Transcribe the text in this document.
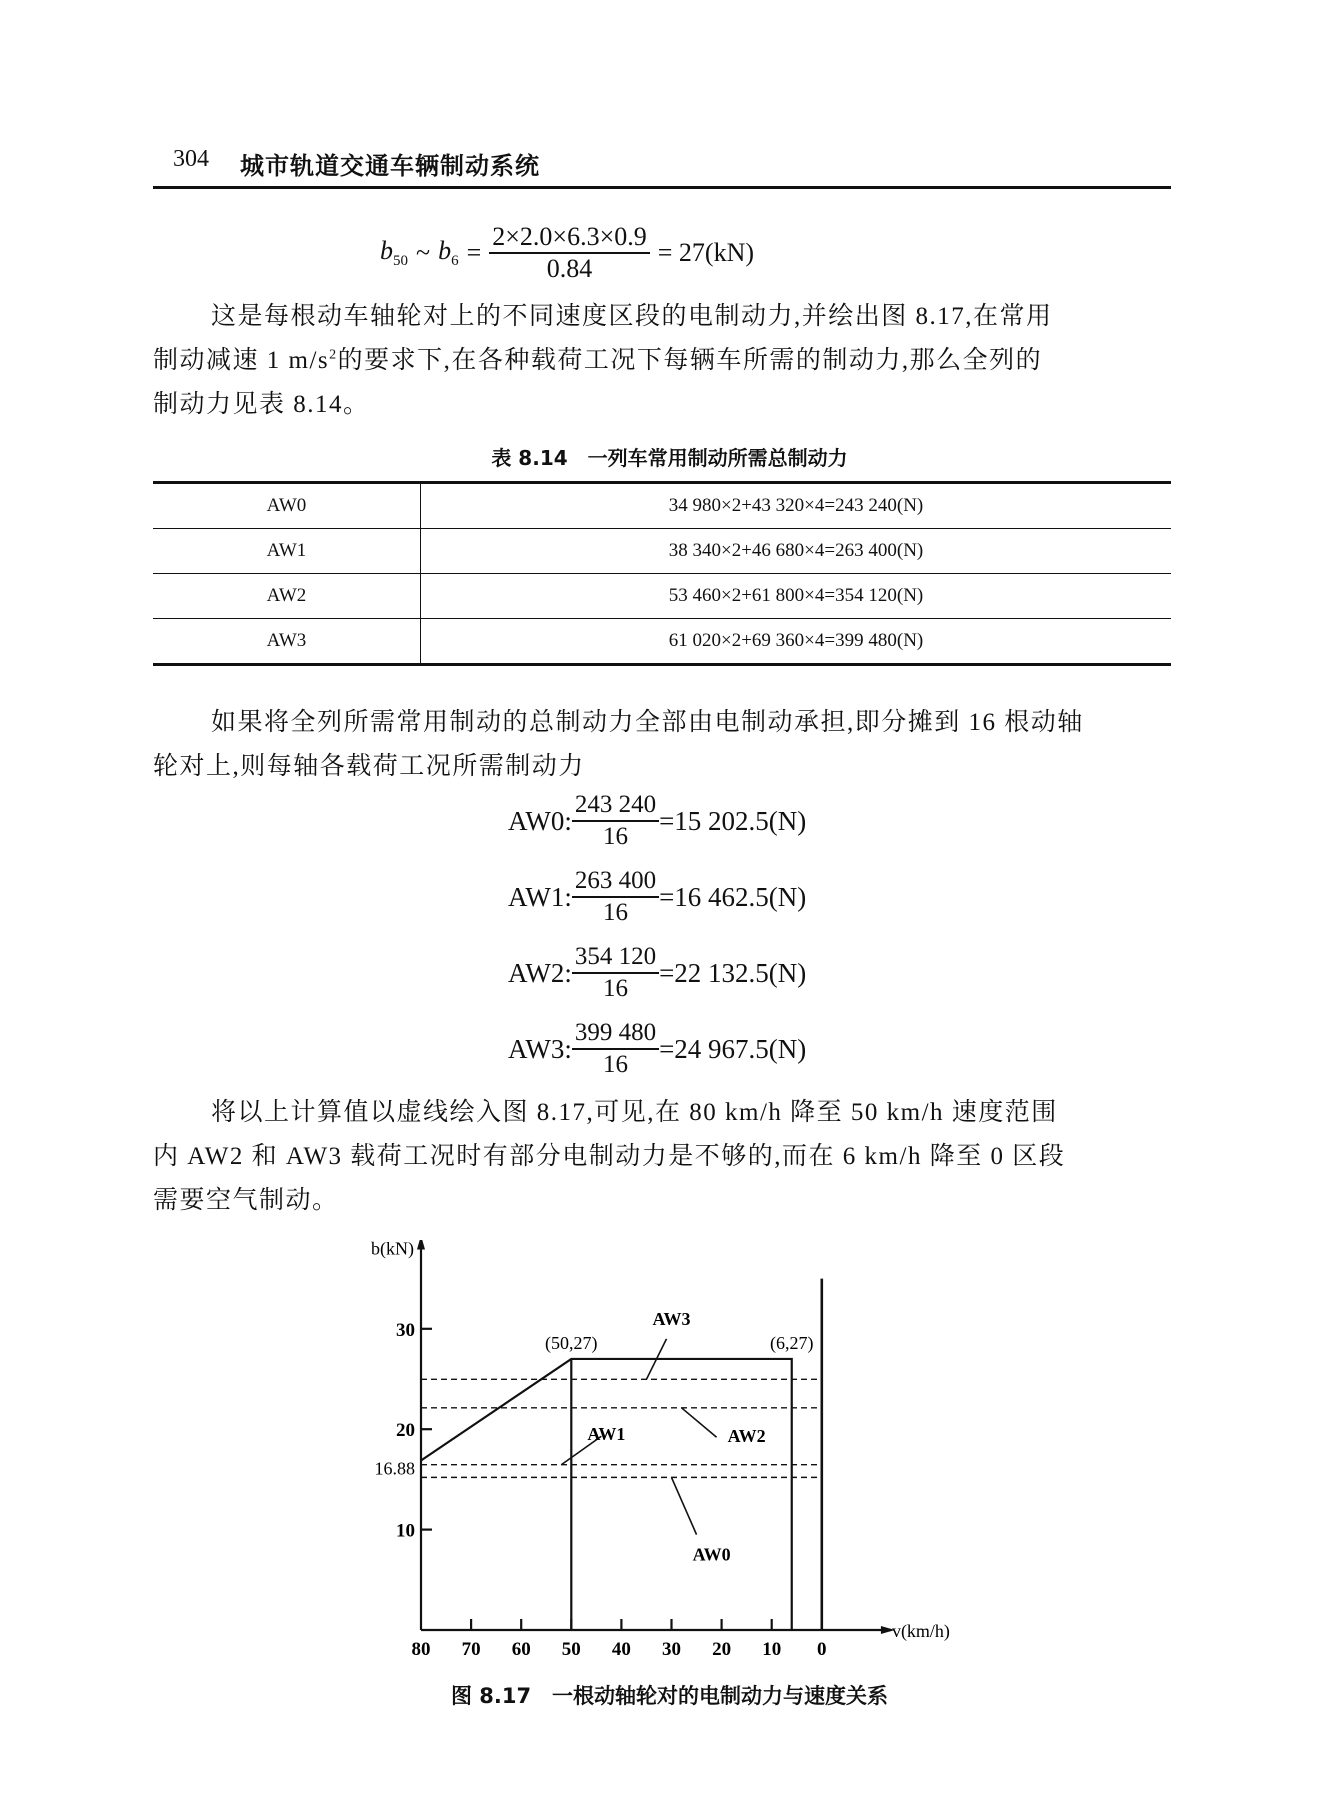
304 城市轨道交通车辆制动系统
$b_{50}$ ~ $b_6 = \frac{2\times 2.0\times 6.3\times 0.9}{0.84} = 27(kN)$
这是每根动车轴轮对上的不同速度区段的电制动力,并绘出图 8.17,在常用
制动减速 1 $m/s^2$的要求下,在各种载荷工况下每辆车所需的制动力,那么全列的
制动力见表 8.14。
表 8.14　一列车常用制动所需总制动力
AW0	34 980×2+43 320×4=243 240(N)
AW1	38 340×2+46 680×4=263 400(N)
AW2	53 460×2+61 800×4=354 120(N)
AW3	61 020×2+69 360×4=399 480(N)
如果将全列所需常用制动的总制动力全部由电制动承担,即分摊到 16 根动轴
轮对上,则每轴各载荷工况所需制动力
AW0: $\frac{243 240}{16} =15$ 202.5(N)
AW1: $\frac{263 400}{16} =16$ 462.5(N)
AW2: $\frac{354 120}{16} =22$ 132.5(N)
AW3: $\frac{399 480}{16} =24$ 967.5(N)
将以上计算值以虚线绘入图 8.17,可见,在 80 km/h 降至 50 km/h 速度范围
内 AW2 和 AW3 载荷工况时有部分电制动力是不够的,而在 6 km/h 降至 0 区段
需要空气制动。
v(km/h)
b(kN)
80 70 60 50 40 30 20 10 0
10
20
30
16.88
AW0
AW1	AW2
AW3
(50,27)	(6,27)
图 8.17　一根动轴轮对的电制动力与速度关系
